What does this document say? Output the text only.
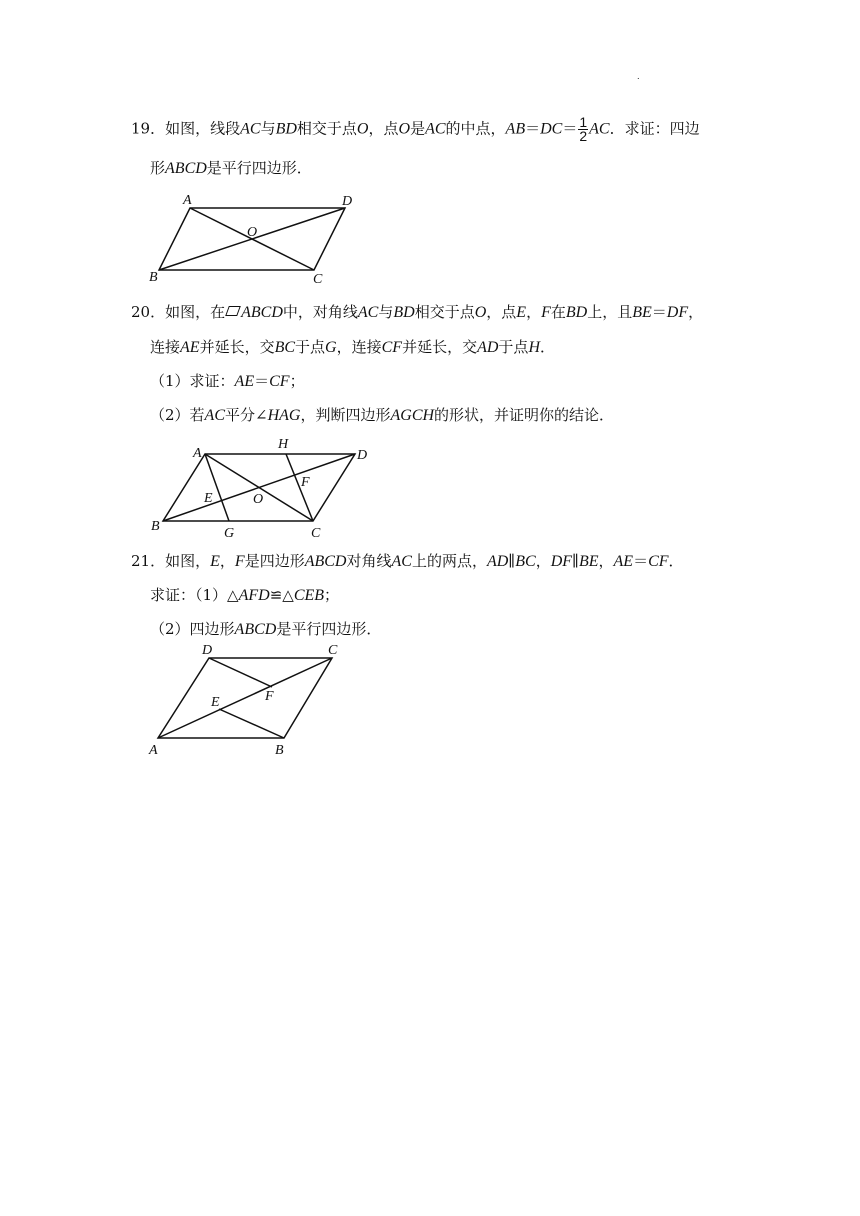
.
19．如图，线段AC与BD相交于点O，点O是AC的中点，$AB=DC= \frac{1}{2}$ AC．求证：四边
形ABCD是平行四边形．
A	D
B	C
O
20．如图，在 ABCD中，对角线AC与BD相交于点O，点E，F在BD上，且BE＝DF，
连接AE并延长，交BC于点G，连接CF并延长，交AD于点H．
（1）求证：AE＝CF；
（2）若AC平分∠HAG，判断四边形AGCH的形状，并证明你的结论．
A	D
B	C
H
G
O
E
F
21．如图，E，F是四边形ABCD对角线AC上的两点，AD∥BC，DF∥BE，AE＝CF．
求证：（1）△AFD≌△CEB；
（2）四边形ABCD是平行四边形．
D	C
A	B
E	F
